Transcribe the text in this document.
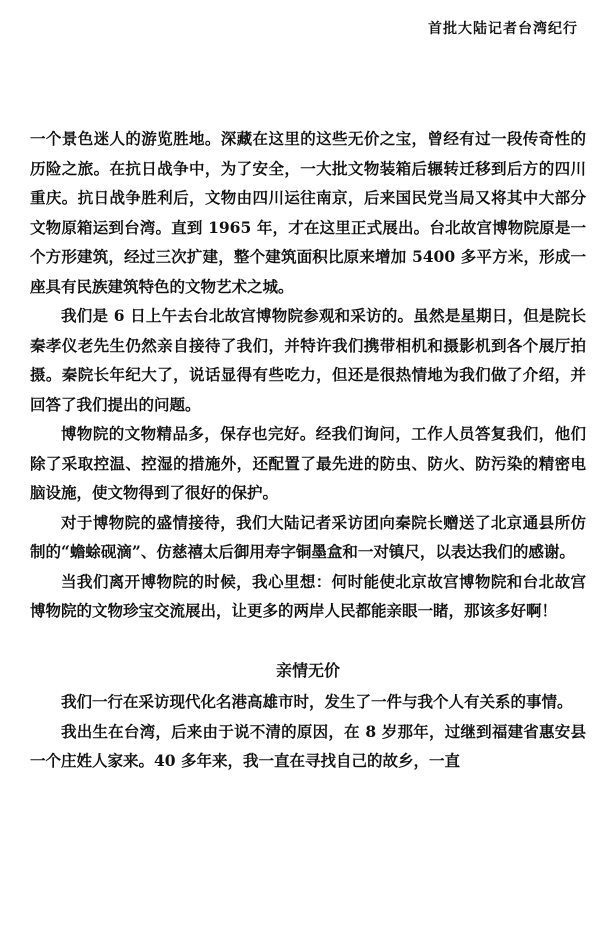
首批大陆记者台湾纪行

一个景色迷人的游览胜地。深藏在这里的这些无价之宝，曾经有过一段传奇性的历险之旅。在抗日战争中，为了安全，一大批文物装箱后辗转迁移到后方的四川重庆。抗日战争胜利后，文物由四川运往南京，后来国民党当局又将其中大部分文物原箱运到台湾。直到 1965 年，才在这里正式展出。台北故宫博物院原是一个方形建筑，经过三次扩建，整个建筑面积比原来增加 5400 多平方米，形成一座具有民族建筑特色的文物艺术之城。

我们是 6 日上午去台北故宫博物院参观和采访的。虽然是星期日，但是院长秦孝仪老先生仍然亲自接待了我们，并特许我们携带相机和摄影机到各个展厅拍摄。秦院长年纪大了，说话显得有些吃力，但还是很热情地为我们做了介绍，并回答了我们提出的问题。

博物院的文物精品多，保存也完好。经我们询问，工作人员答复我们，他们除了采取控温、控湿的措施外，还配置了最先进的防虫、防火、防污染的精密电脑设施，使文物得到了很好的保护。

对于博物院的盛情接待，我们大陆记者采访团向秦院长赠送了北京通县所仿制的“蟾蜍砚滴”、仿慈禧太后御用寿字铜墨盒和一对镇尺，以表达我们的感谢。

当我们离开博物院的时候，我心里想：何时能使北京故宫博物院和台北故宫博物院的文物珍宝交流展出，让更多的两岸人民都能亲眼一睹，那该多好啊！

亲情无价

我们一行在采访现代化名港高雄市时，发生了一件与我个人有关系的事情。

我出生在台湾，后来由于说不清的原因，在 8 岁那年，过继到福建省惠安县一个庄姓人家来。40 多年来，我一直在寻找自己的故乡，一直
